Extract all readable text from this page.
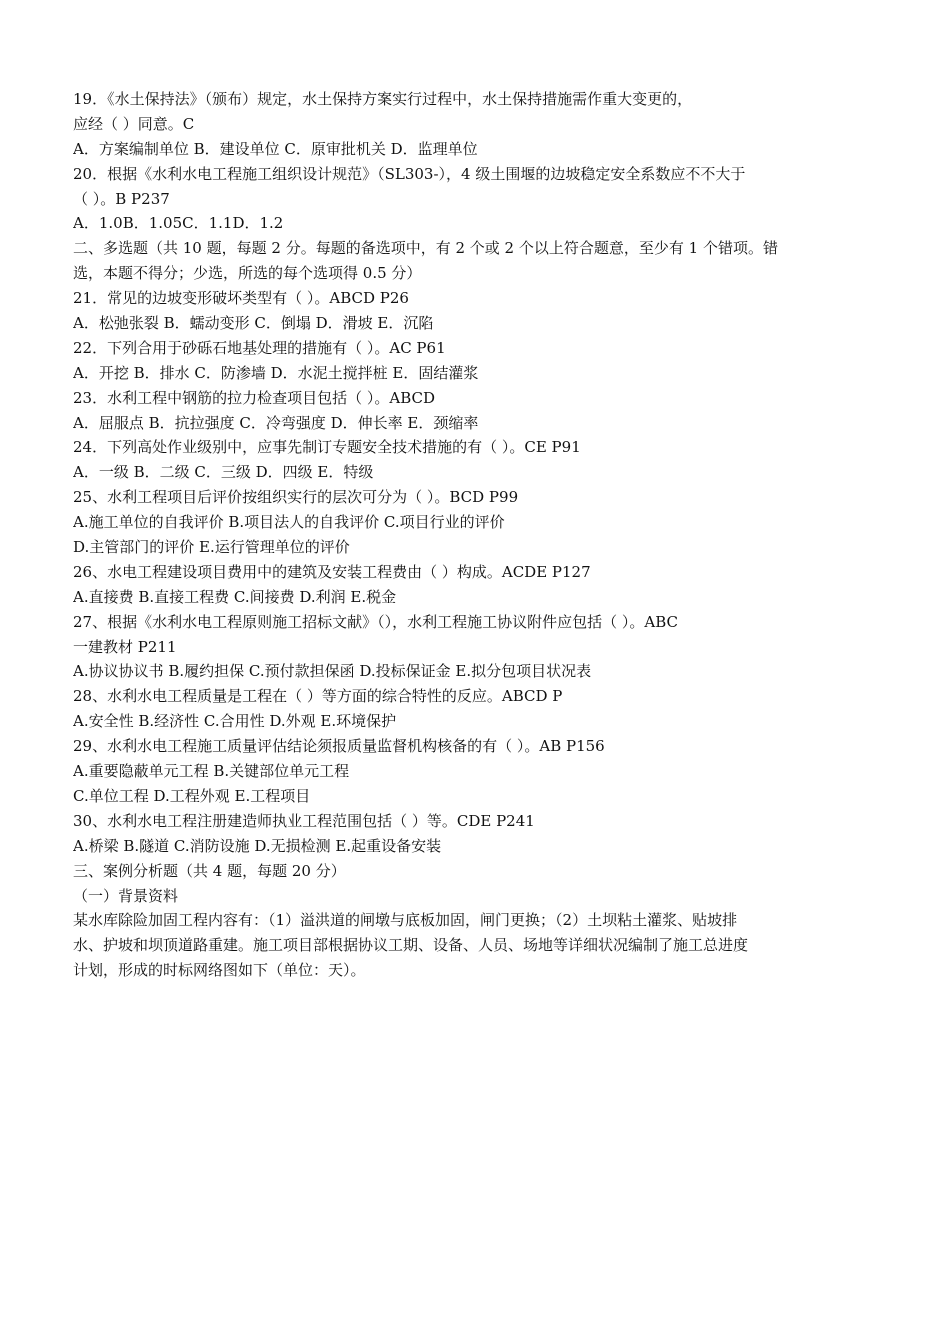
19．《水土保持法》（颁布）规定，水土保持方案实行过程中，水土保持措施需作重大变更的，
应经（ ）同意。C
A．方案编制单位 B．建设单位 C．原审批机关 D．监理单位
20．根据《水利水电工程施工组织设计规范》（SL303-），4 级土围堰的边坡稳定安全系数应不不大于
（ ）。B P237
A．1.0B．1.05C．1.1D．1.2
二、多选题（共 10 题，每题 2 分。每题的备选项中，有 2 个或 2 个以上符合题意，至少有 1 个错项。错
选，本题不得分；少选，所选的每个选项得 0.5 分）
21．常见的边坡变形破坏类型有（ ）。ABCD P26
A．松弛张裂 B．蠕动变形 C．倒塌 D．滑坡 E．沉陷
22．下列合用于砂砾石地基处理的措施有（ ）。AC P61
A．开挖 B．排水 C．防渗墙 D．水泥土搅拌桩 E．固结灌浆
23．水利工程中钢筋的拉力检查项目包括（ ）。ABCD
A．屈服点 B．抗拉强度 C．冷弯强度 D．伸长率 E．颈缩率
24．下列高处作业级别中，应事先制订专题安全技术措施的有（ ）。CE P91
A．一级 B．二级 C．三级 D．四级 E．特级
25、水利工程项目后评价按组织实行的层次可分为（ ）。BCD P99
A.施工单位的自我评价 B.项目法人的自我评价 C.项目行业的评价
D.主管部门的评价 E.运行管理单位的评价
26、水电工程建设项目费用中的建筑及安装工程费由（ ）构成。ACDE P127
A.直接费 B.直接工程费 C.间接费 D.利润 E.税金
27、根据《水利水电工程原则施工招标文献》（），水利工程施工协议附件应包括（ ）。ABC
一建教材 P211
A.协议协议书 B.履约担保 C.预付款担保函 D.投标保证金 E.拟分包项目状况表
28、水利水电工程质量是工程在（ ）等方面的综合特性的反应。ABCD P
A.安全性 B.经济性 C.合用性 D.外观 E.环境保护
29、水利水电工程施工质量评估结论须报质量监督机构核备的有（ ）。AB P156
A.重要隐蔽单元工程 B.关键部位单元工程
C.单位工程 D.工程外观 E.工程项目
30、水利水电工程注册建造师执业工程范围包括（ ）等。CDE P241
A.桥梁 B.隧道 C.消防设施 D.无损检测 E.起重设备安装
三、案例分析题（共 4 题，每题 20 分）
（一）背景资料
某水库除险加固工程内容有：（1）溢洪道的闸墩与底板加固，闸门更换；（2）土坝粘土灌浆、贴坡排
水、护坡和坝顶道路重建。施工项目部根据协议工期、设备、人员、场地等详细状况编制了施工总进度
计划，形成的时标网络图如下（单位：天）。
